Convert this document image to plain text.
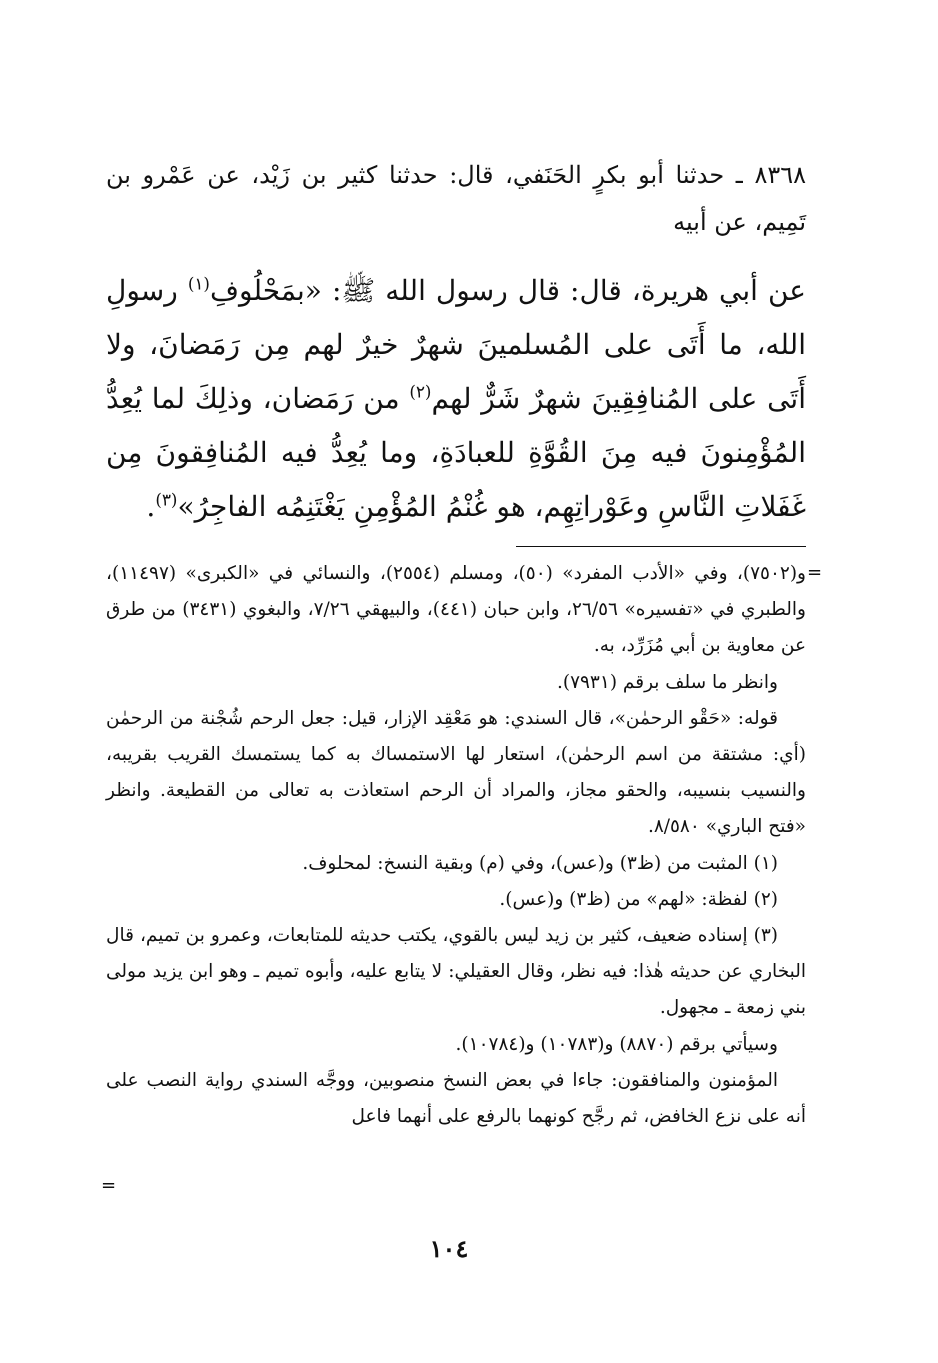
٨٣٦٨ ـ حدثنا أبو بكرٍ الحَنَفي، قال: حدثنا كثير بن زَيْد، عن عَمْرو بن تَمِيم، عن أبيه
عن أبي هريرة، قال: قال رسول الله ﷺ: «بمَحْلُوفِ$^{(١)}$ رسولِ الله، ما أَتَى على المُسلمينَ شهرٌ خيرٌ لهم مِن رَمَضانَ، ولا أَتَى على المُنافِقِينَ شهرٌ شَرٌّ لهم$^{(٢)}$ من رَمَضان، وذلِكَ لما يُعِدُّ المُؤْمِنونَ فيه مِنَ القُوَّةِ للعبادَةِ، وما يُعِدُّ فيه المُنافِقونَ مِن غَفَلاتِ النَّاسِ وعَوْراتِهِم، هو غُنْمُ المُؤْمِنِ يَغْتَنِمُه الفاجِرُ»$^{(٣)}$.
=

و(٧٥٠٢)، وفي «الأدب المفرد» (٥٠)، ومسلم (٢٥٥٤)، والنسائي في «الكبرى» (١١٤٩٧)، والطبري في «تفسيره» ٢٦/٥٦، وابن حبان (٤٤١)، والبيهقي ٧/٢٦، والبغوي (٣٤٣١) من طرق عن معاوية بن أبي مُزَرِّد، به.

وانظر ما سلف برقم (٧٩٣١).

قوله: «حَقْو الرحمٰن»، قال السندي: هو مَعْقِد الإزار، قيل: جعل الرحم شُجْنة من الرحمٰن (أي: مشتقة من اسم الرحمٰن)، استعار لها الاستمساك به كما يستمسك القريب بقريبه، والنسيب بنسيبه، والحقو مجاز، والمراد أن الرحم استعاذت به تعالى من القطيعة. وانظر «فتح الباري» ٨/٥٨٠.

(١) المثبت من (ظ٣) و(عس)، وفي (م) وبقية النسخ: لمحلوف.

(٢) لفظة: «لهم» من (ظ٣) و(عس).

(٣) إسناده ضعيف، كثير بن زيد ليس بالقوي، يكتب حديثه للمتابعات، وعمرو بن تميم، قال البخاري عن حديثه هٰذا: فيه نظر، وقال العقيلي: لا يتابع عليه، وأبوه تميم ـ وهو ابن يزيد مولى بني زمعة ـ مجهول.

وسيأتي برقم (٨٨٧٠) و(١٠٧٨٣) و(١٠٧٨٤).

المؤمنون والمنافقون: جاءا في بعض النسخ منصوبين، ووجَّه السندي رواية النصب على أنه على نزع الخافض، ثم رجَّح كونهما بالرفع على أنهما فاعل

=
١٠٤
